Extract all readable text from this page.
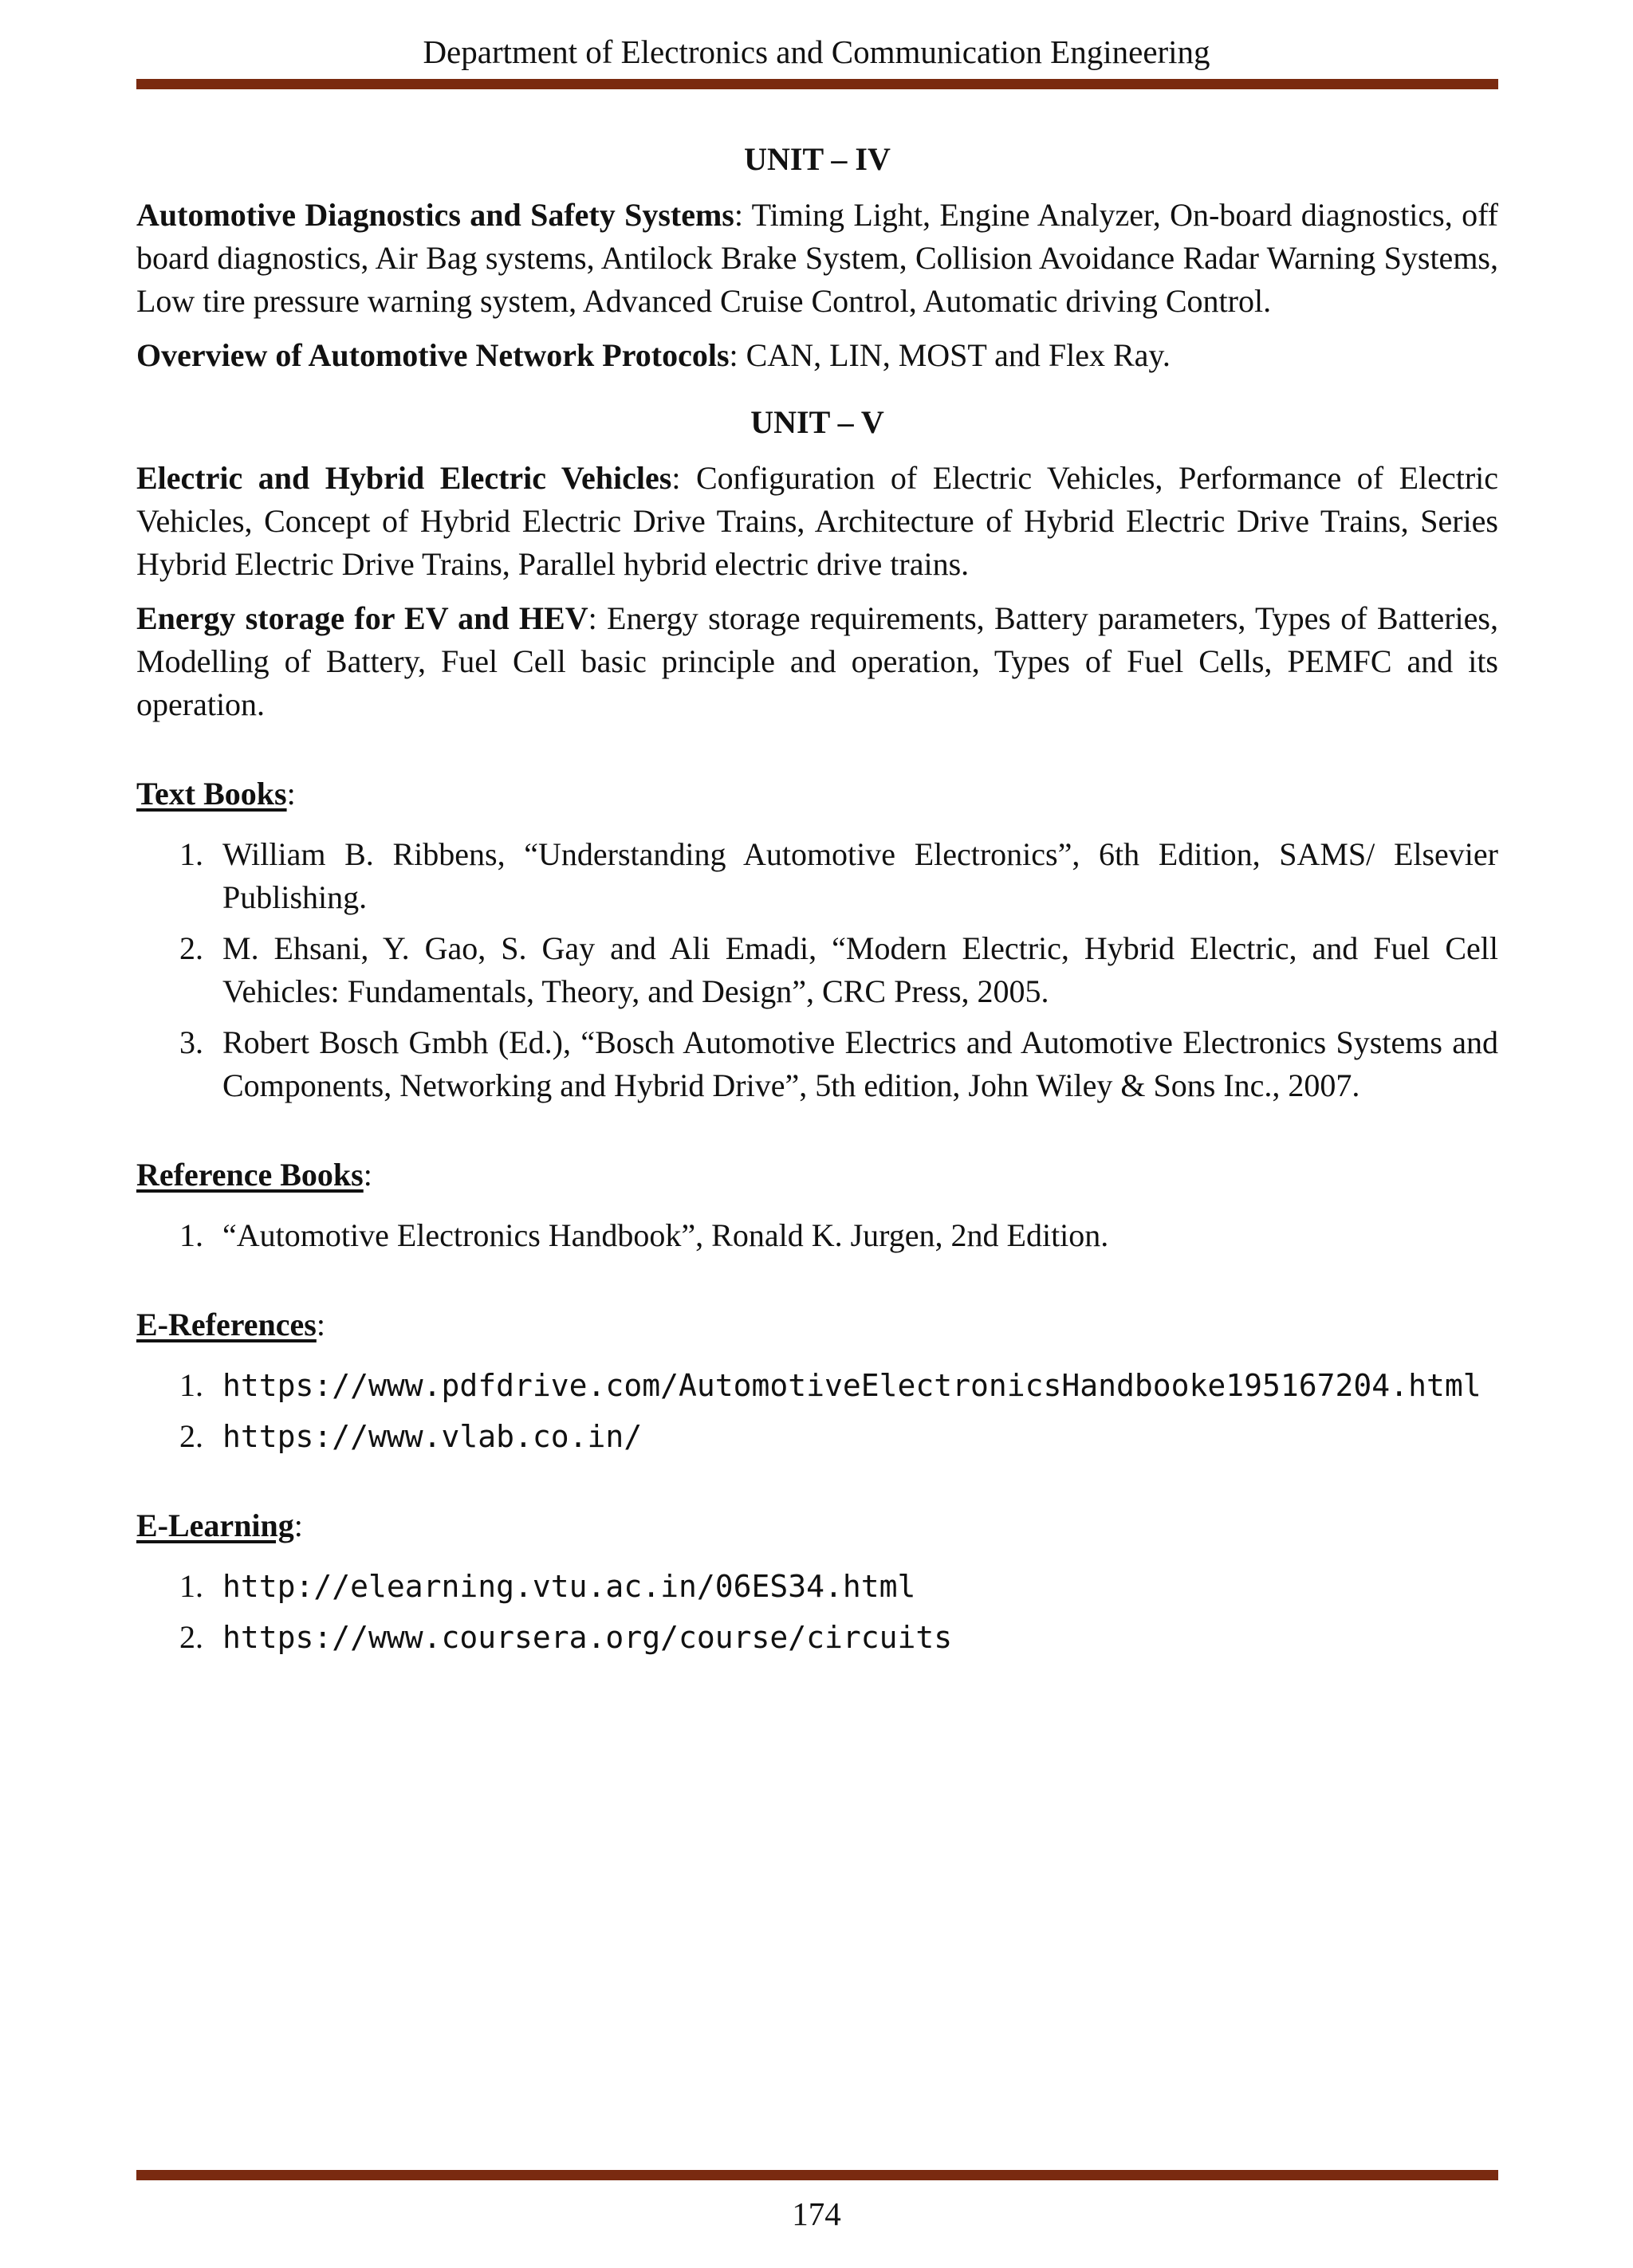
Department of Electronics and Communication Engineering
UNIT – IV

Automotive Diagnostics and Safety Systems: Timing Light, Engine Analyzer, On-board diagnostics, off board diagnostics, Air Bag systems, Antilock Brake System, Collision Avoidance Radar Warning Systems, Low tire pressure warning system, Advanced Cruise Control, Automatic driving Control.

Overview of Automotive Network Protocols: CAN, LIN, MOST and Flex Ray.

UNIT – V

Electric and Hybrid Electric Vehicles: Configuration of Electric Vehicles, Performance of Electric Vehicles, Concept of Hybrid Electric Drive Trains, Architecture of Hybrid Electric Drive Trains, Series Hybrid Electric Drive Trains, Parallel hybrid electric drive trains.

Energy storage for EV and HEV: Energy storage requirements, Battery parameters, Types of Batteries, Modelling of Battery, Fuel Cell basic principle and operation, Types of Fuel Cells, PEMFC and its operation.

Text Books:
1. William B. Ribbens, “Understanding Automotive Electronics”, 6th Edition, SAMS/ Elsevier Publishing.
2. M. Ehsani, Y. Gao, S. Gay and Ali Emadi, “Modern Electric, Hybrid Electric, and Fuel Cell Vehicles: Fundamentals, Theory, and Design”, CRC Press, 2005.
3. Robert Bosch Gmbh (Ed.), “Bosch Automotive Electrics and Automotive Electronics Systems and Components, Networking and Hybrid Drive”, 5th edition, John Wiley & Sons Inc., 2007.
Reference Books:
1. “Automotive Electronics Handbook”, Ronald K. Jurgen, 2nd Edition.
E-References:
1. https://www.pdfdrive.com/AutomotiveElectronicsHandbooke195167204.html
2. https://www.vlab.co.in/
E-Learning:
1. http://elearning.vtu.ac.in/06ES34.html
2. https://www.coursera.org/course/circuits
174
